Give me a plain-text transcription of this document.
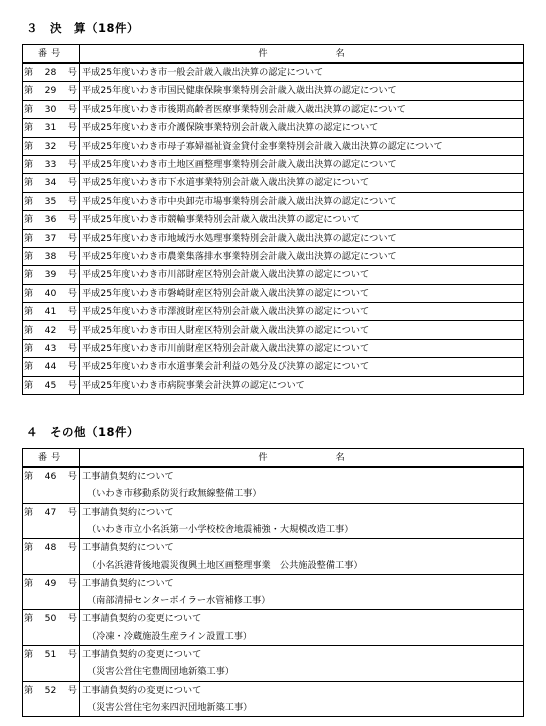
３　決　算（18件）
番号	件 名

第 28 号	平成25年度いわき市一般会計歳入歳出決算の認定について

第 29 号	平成25年度いわき市国民健康保険事業特別会計歳入歳出決算の認定について

第 30 号	平成25年度いわき市後期高齢者医療事業特別会計歳入歳出決算の認定について

第 31 号	平成25年度いわき市介護保険事業特別会計歳入歳出決算の認定について

第 32 号	平成25年度いわき市母子寡婦福祉資金貸付金事業特別会計歳入歳出決算の認定について

第 33 号	平成25年度いわき市土地区画整理事業特別会計歳入歳出決算の認定について

第 34 号	平成25年度いわき市下水道事業特別会計歳入歳出決算の認定について

第 35 号	平成25年度いわき市中央卸売市場事業特別会計歳入歳出決算の認定について

第 36 号	平成25年度いわき市競輪事業特別会計歳入歳出決算の認定について

第 37 号	平成25年度いわき市地域汚水処理事業特別会計歳入歳出決算の認定について

第 38 号	平成25年度いわき市農業集落排水事業特別会計歳入歳出決算の認定について

第 39 号	平成25年度いわき市川部財産区特別会計歳入歳出決算の認定について

第 40 号	平成25年度いわき市磐崎財産区特別会計歳入歳出決算の認定について

第 41 号	平成25年度いわき市澤渡財産区特別会計歳入歳出決算の認定について

第 42 号	平成25年度いわき市田人財産区特別会計歳入歳出決算の認定について

第 43 号	平成25年度いわき市川前財産区特別会計歳入歳出決算の認定について

第 44 号	平成25年度いわき市水道事業会計利益の処分及び決算の認定について

第 45 号	平成25年度いわき市病院事業会計決算の認定について
４　その他（18件）
番号	件 名

第 46 号	工事請負契約について
	（いわき市移動系防災行政無線整備工事）

第 47 号	工事請負契約について
	（いわき市立小名浜第一小学校校舎地震補強・大規模改造工事）

第 48 号	工事請負契約について
	（小名浜港背後地震災復興土地区画整理事業　公共施設整備工事）

第 49 号	工事請負契約について
	（南部清掃センターボイラー水管補修工事）

第 50 号	工事請負契約の変更について
	（冷凍・冷蔵施設生産ライン設置工事）

第 51 号	工事請負契約の変更について
	（災害公営住宅豊間団地新築工事）

第 52 号	工事請負契約の変更について
	（災害公営住宅勿来四沢団地新築工事）
